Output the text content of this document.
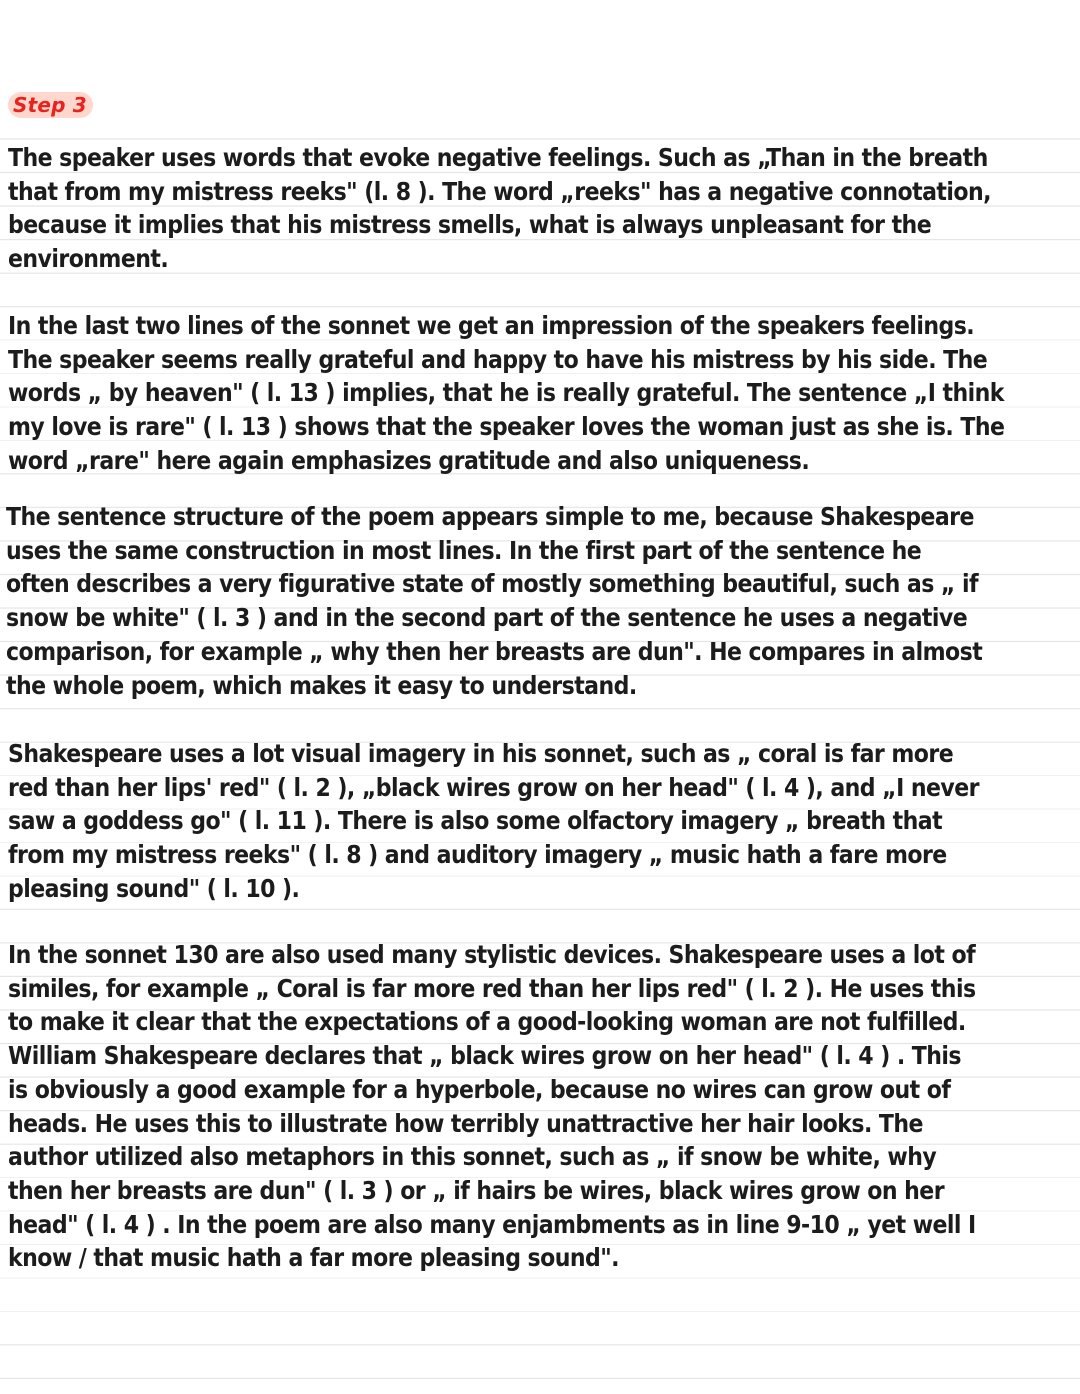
Step 3

The speaker uses words that evoke negative feelings. Such as „Than in the breath
that from my mistress reeks" (l. 8 ). The word „reeks" has a negative connotation,
because it implies that his mistress smells, what is always unpleasant for the
environment.

In the last two lines of the sonnet we get an impression of the speakers feelings.
The speaker seems really grateful and happy to have his mistress by his side. The
words „ by heaven" ( l. 13 ) implies, that he is really grateful. The sentence „I think
my love is rare" ( l. 13 ) shows that the speaker loves the woman just as she is. The
word „rare" here again emphasizes gratitude and also uniqueness.

The sentence structure of the poem appears simple to me, because Shakespeare
uses the same construction in most lines. In the first part of the sentence he
often describes a very figurative state of mostly something beautiful, such as „ if
snow be white" ( l. 3 ) and in the second part of the sentence he uses a negative
comparison, for example „ why then her breasts are dun". He compares in almost
the whole poem, which makes it easy to understand.

Shakespeare uses a lot visual imagery in his sonnet, such as „ coral is far more
red than her lips' red" ( l. 2 ), „black wires grow on her head" ( l. 4 ), and „I never
saw a goddess go" ( l. 11 ). There is also some olfactory imagery „ breath that
from my mistress reeks" ( l. 8 ) and auditory imagery „ music hath a fare more
pleasing sound" ( l. 10 ).

In the sonnet 130 are also used many stylistic devices. Shakespeare uses a lot of
similes, for example „ Coral is far more red than her lips red" ( l. 2 ). He uses this
to make it clear that the expectations of a good-looking woman are not fulfilled.
William Shakespeare declares that „ black wires grow on her head" ( l. 4 ) . This
is obviously a good example for a hyperbole, because no wires can grow out of
heads. He uses this to illustrate how terribly unattractive her hair looks. The
author utilized also metaphors in this sonnet, such as „ if snow be white, why
then her breasts are dun" ( l. 3 ) or „ if hairs be wires, black wires grow on her
head" ( l. 4 ) . In the poem are also many enjambments as in line 9-10 „ yet well I
know / that music hath a far more pleasing sound".
